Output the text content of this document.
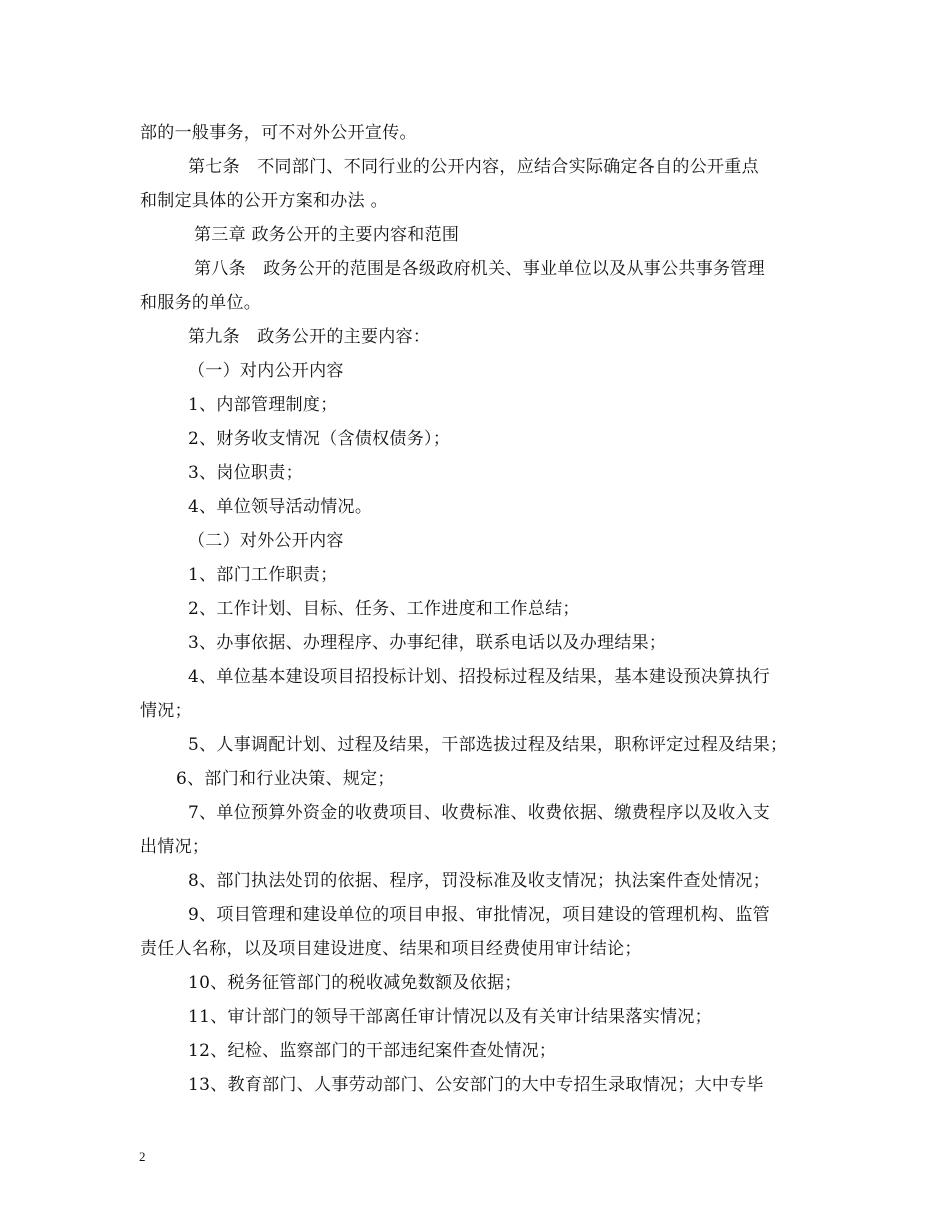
部的一般事务，可不对外公开宣传。
第七条　不同部门、不同行业的公开内容，应结合实际确定各自的公开重点
和制定具体的公开方案和办法 。
第三章 政务公开的主要内容和范围
第八条　政务公开的范围是各级政府机关、事业单位以及从事公共事务管理
和服务的单位。
第九条　政务公开的主要内容：
（一）对内公开内容
1、内部管理制度；
2、财务收支情况（含债权债务）；
3、岗位职责；
4、单位领导活动情况。
（二）对外公开内容
1、部门工作职责；
2、工作计划、目标、任务、工作进度和工作总结；
3、办事依据、办理程序、办事纪律，联系电话以及办理结果；
4、单位基本建设项目招投标计划、招投标过程及结果，基本建设预决算执行
情况；
5、人事调配计划、过程及结果，干部选拔过程及结果，职称评定过程及结果；
6、部门和行业决策、规定；
7、单位预算外资金的收费项目、收费标准、收费依据、缴费程序以及收入支
出情况；
8、部门执法处罚的依据、程序，罚没标准及收支情况；执法案件查处情况；
9、项目管理和建设单位的项目申报、审批情况，项目建设的管理机构、监管
责任人名称，以及项目建设进度、结果和项目经费使用审计结论；
10、税务征管部门的税收减免数额及依据；
11、审计部门的领导干部离任审计情况以及有关审计结果落实情况；
12、纪检、监察部门的干部违纪案件查处情况；
13、教育部门、人事劳动部门、公安部门的大中专招生录取情况；大中专毕
2
